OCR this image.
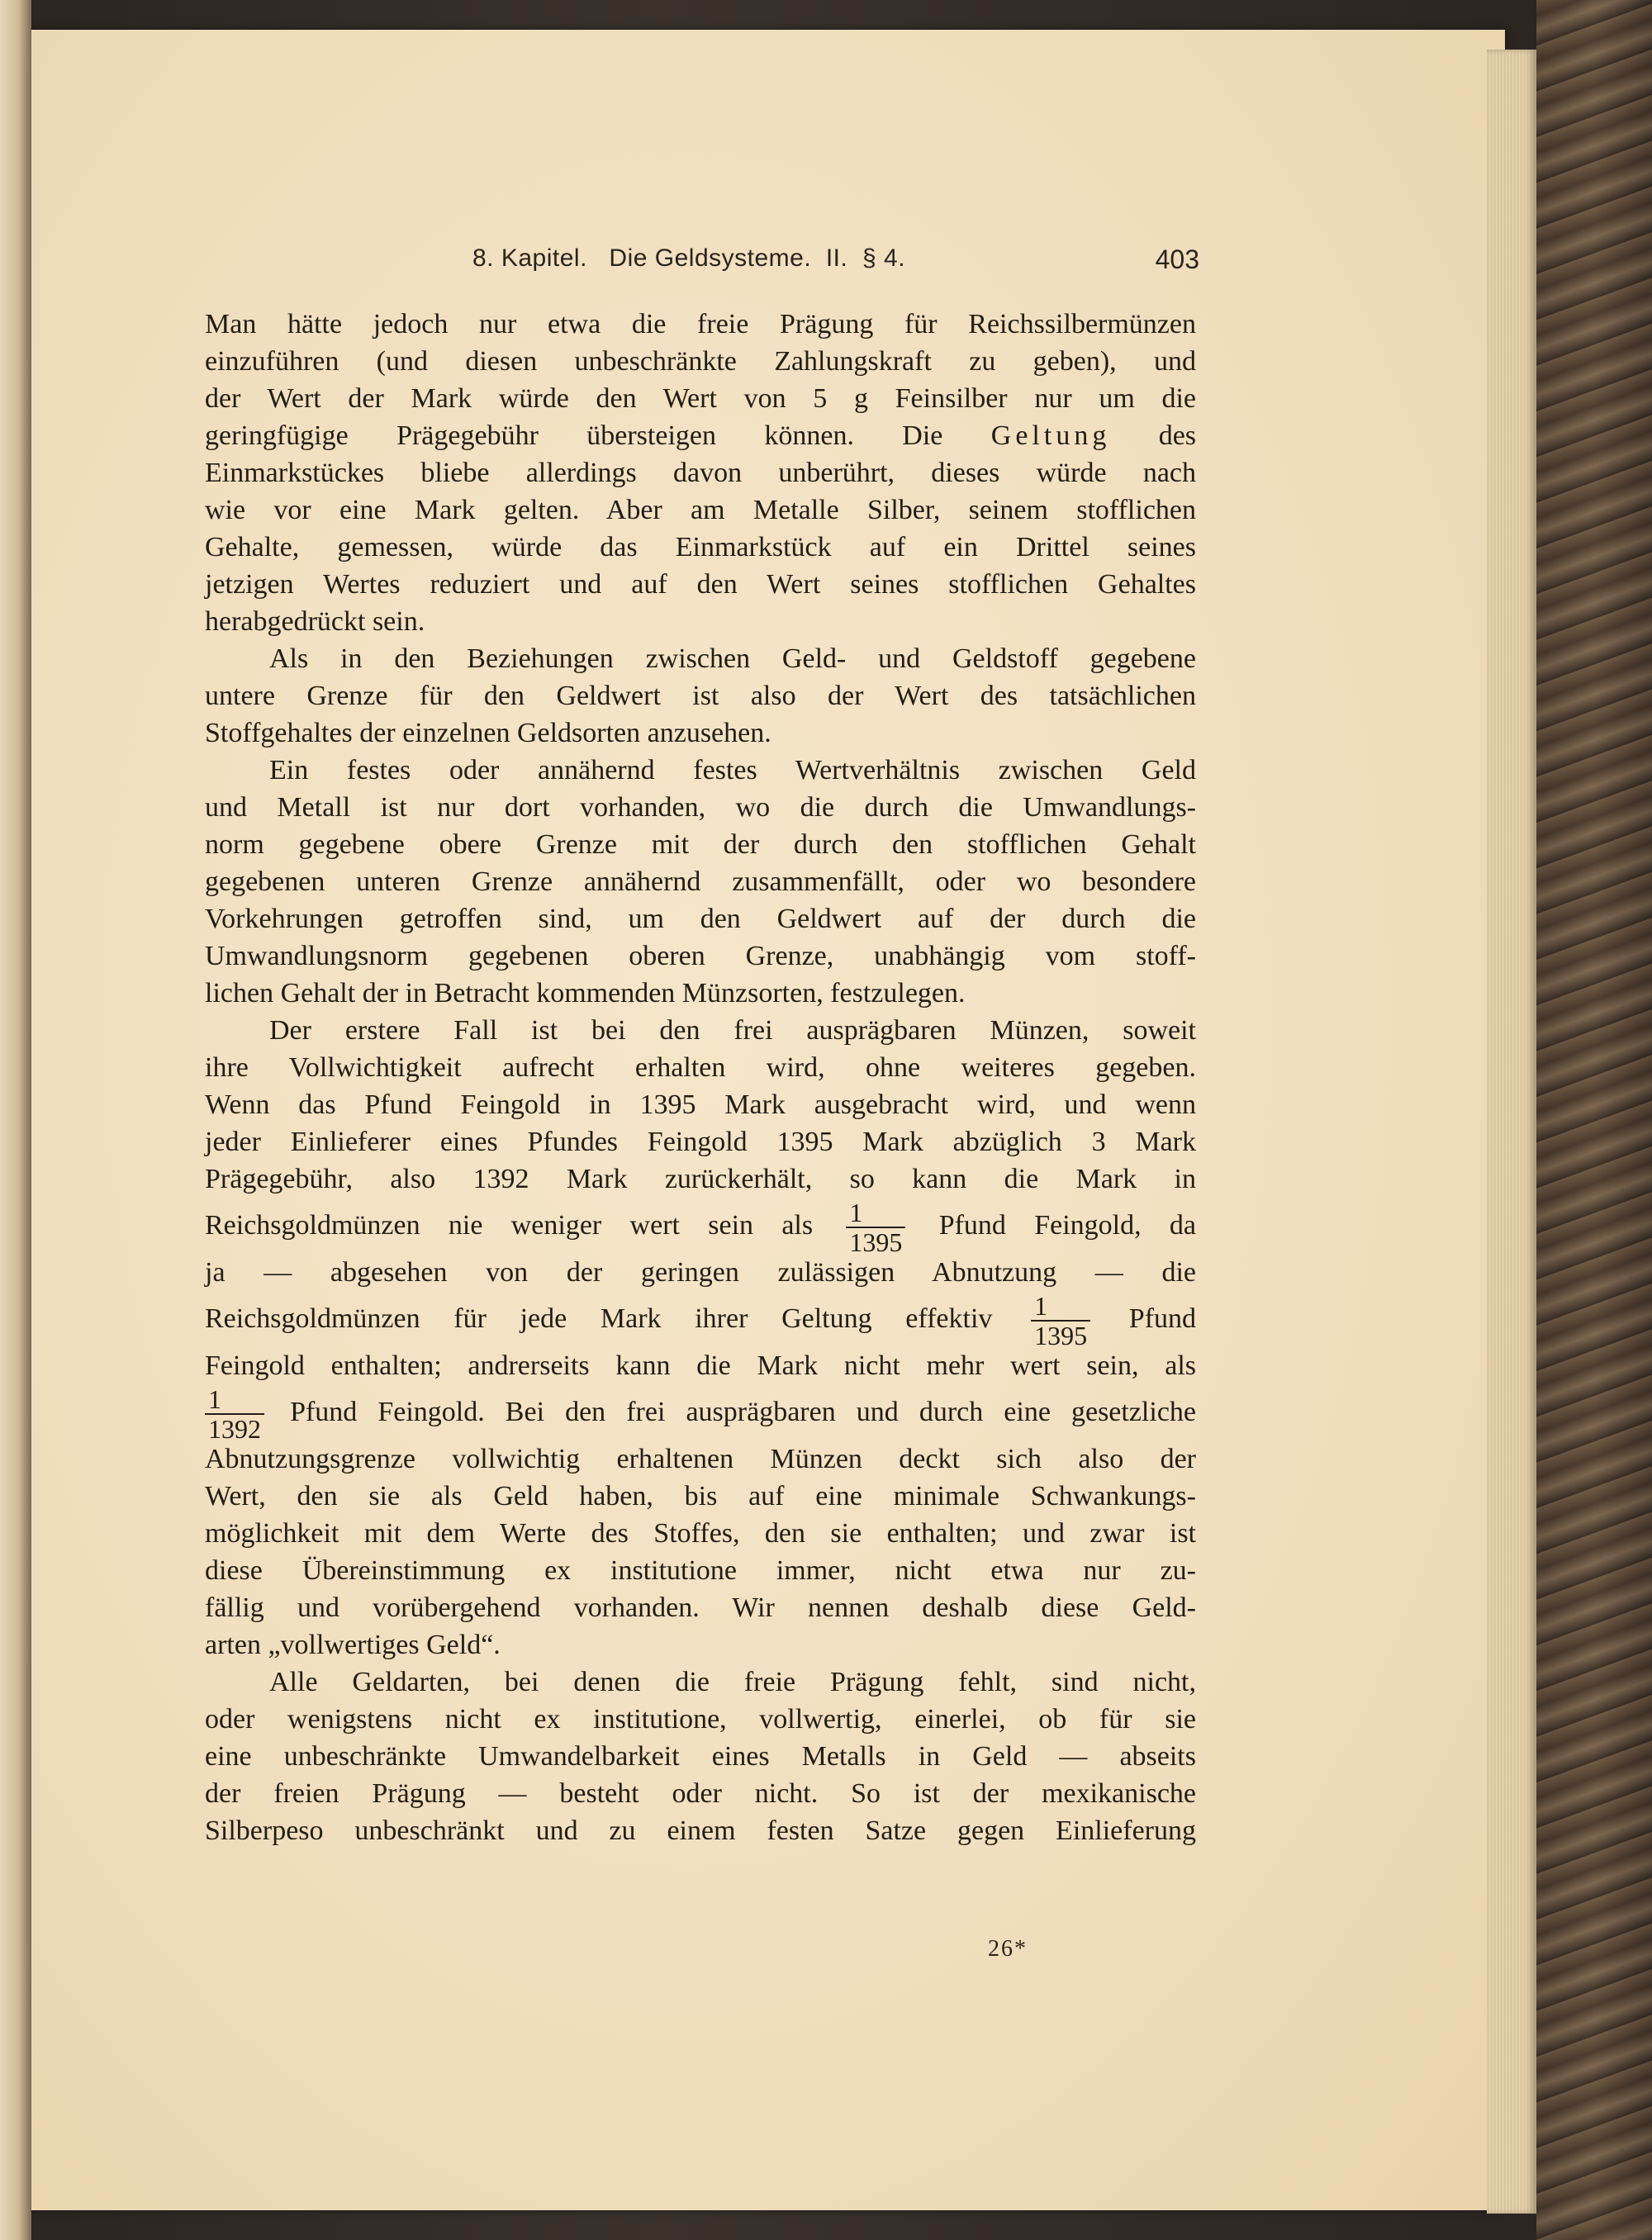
8. Kapitel.   Die Geldsysteme.  II.  § 4.	403
Man hätte jedoch nur etwa die freie Prägung für Reichssilbermünzen
einzuführen (und diesen unbeschränkte Zahlungskraft zu geben), und
der Wert der Mark würde den Wert von 5 g Feinsilber nur um die
geringfügige Prägegebühr übersteigen können. Die Geltung des
Einmarkstückes bliebe allerdings davon unberührt, dieses würde nach
wie vor eine Mark gelten. Aber am Metalle Silber, seinem stofflichen
Gehalte, gemessen, würde das Einmarkstück auf ein Drittel seines
jetzigen Wertes reduziert und auf den Wert seines stofflichen Gehaltes
herabgedrückt sein.
Als in den Beziehungen zwischen Geld- und Geldstoff gegebene
untere Grenze für den Geldwert ist also der Wert des tatsächlichen
Stoffgehaltes der einzelnen Geldsorten anzusehen.
Ein festes oder annähernd festes Wertverhältnis zwischen Geld
und Metall ist nur dort vorhanden, wo die durch die Umwandlungs-
norm gegebene obere Grenze mit der durch den stofflichen Gehalt
gegebenen unteren Grenze annähernd zusammenfällt, oder wo besondere
Vorkehrungen getroffen sind, um den Geldwert auf der durch die
Umwandlungsnorm gegebenen oberen Grenze, unabhängig vom stoff-
lichen Gehalt der in Betracht kommenden Münzsorten, festzulegen.
Der erstere Fall ist bei den frei ausprägbaren Münzen, soweit
ihre Vollwichtigkeit aufrecht erhalten wird, ohne weiteres gegeben.
Wenn das Pfund Feingold in 1395 Mark ausgebracht wird, und wenn
jeder Einlieferer eines Pfundes Feingold 1395 Mark abzüglich 3 Mark
Prägegebühr, also 1392 Mark zurückerhält, so kann die Mark in
Reichsgoldmünzen nie weniger wert sein als $\frac{1}{1395}$ Pfund Feingold, da
ja — abgesehen von der geringen zulässigen Abnutzung — die
Reichsgoldmünzen für jede Mark ihrer Geltung effektiv $\frac{1}{1395}$ Pfund
Feingold enthalten; andrerseits kann die Mark nicht mehr wert sein, als
$\frac{1}{1392}$ Pfund Feingold. Bei den frei ausprägbaren und durch eine gesetzliche
Abnutzungsgrenze vollwichtig erhaltenen Münzen deckt sich also der
Wert, den sie als Geld haben, bis auf eine minimale Schwankungs-
möglichkeit mit dem Werte des Stoffes, den sie enthalten; und zwar ist
diese Übereinstimmung ex institutione immer, nicht etwa nur zu-
fällig und vorübergehend vorhanden. Wir nennen deshalb diese Geld-
arten „vollwertiges Geld“.
Alle Geldarten, bei denen die freie Prägung fehlt, sind nicht,
oder wenigstens nicht ex institutione, vollwertig, einerlei, ob für sie
eine unbeschränkte Umwandelbarkeit eines Metalls in Geld — abseits
der freien Prägung — besteht oder nicht. So ist der mexikanische
Silberpeso unbeschränkt und zu einem festen Satze gegen Einlieferung
26*
